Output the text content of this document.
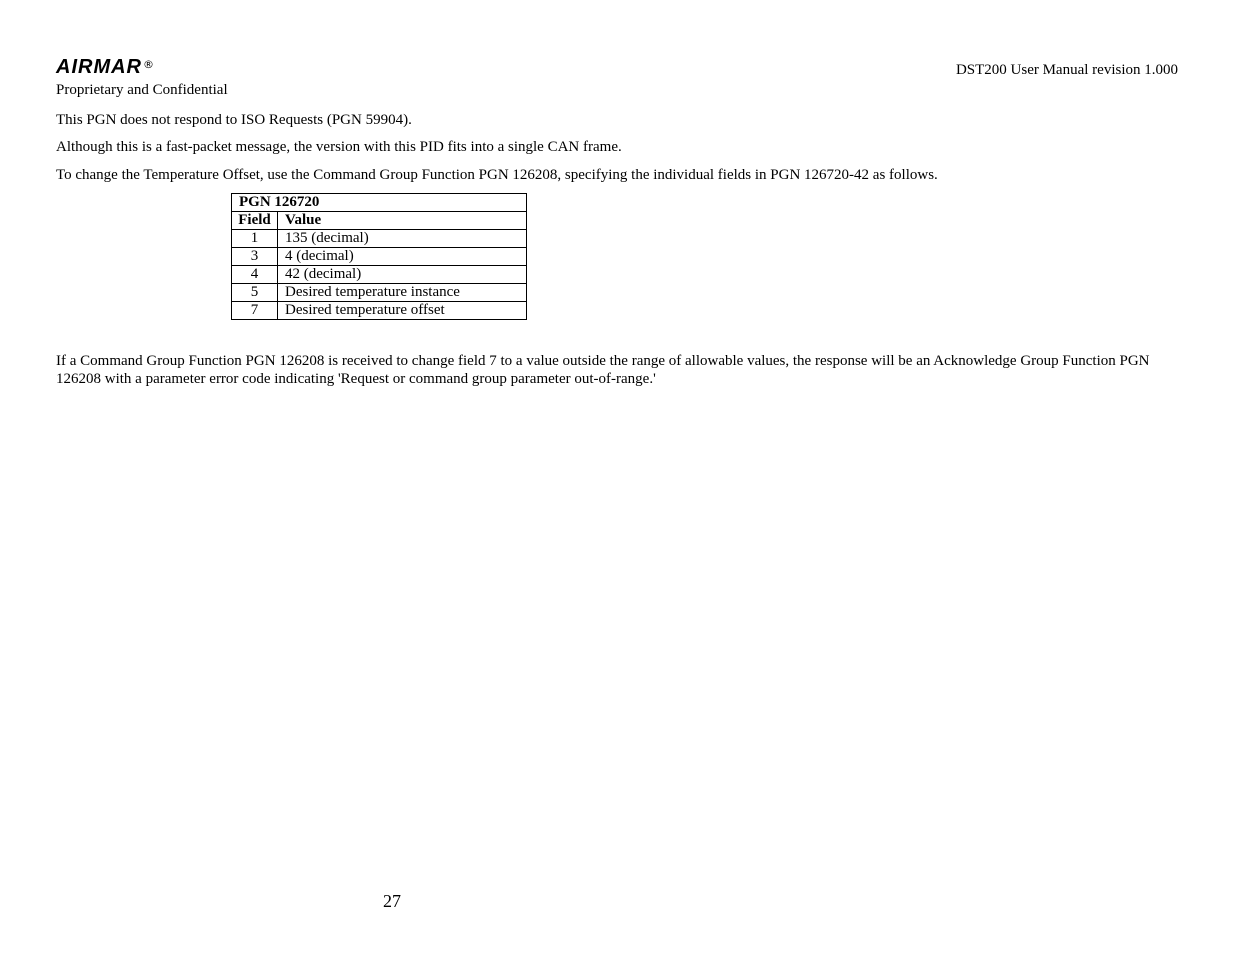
AIRMAR®	DST200 User Manual revision 1.000
Proprietary and Confidential

This PGN does not respond to ISO Requests (PGN 59904).

Although this is a fast-packet message, the version with this PID fits into a single CAN frame.

To change the Temperature Offset, use the Command Group Function PGN 126208, specifying the individual fields in PGN 126720-42 as follows.

PGN 126720	
Field	Value
1	135 (decimal)
3	4 (decimal)
4	42 (decimal)
5	Desired temperature instance
7	Desired temperature offset

If a Command Group Function PGN 126208 is received to change field 7 to a value outside the range of allowable values, the response will be an Acknowledge Group Function PGN 126208 with a parameter error code indicating 'Request or command group parameter out-of-range.'

27
